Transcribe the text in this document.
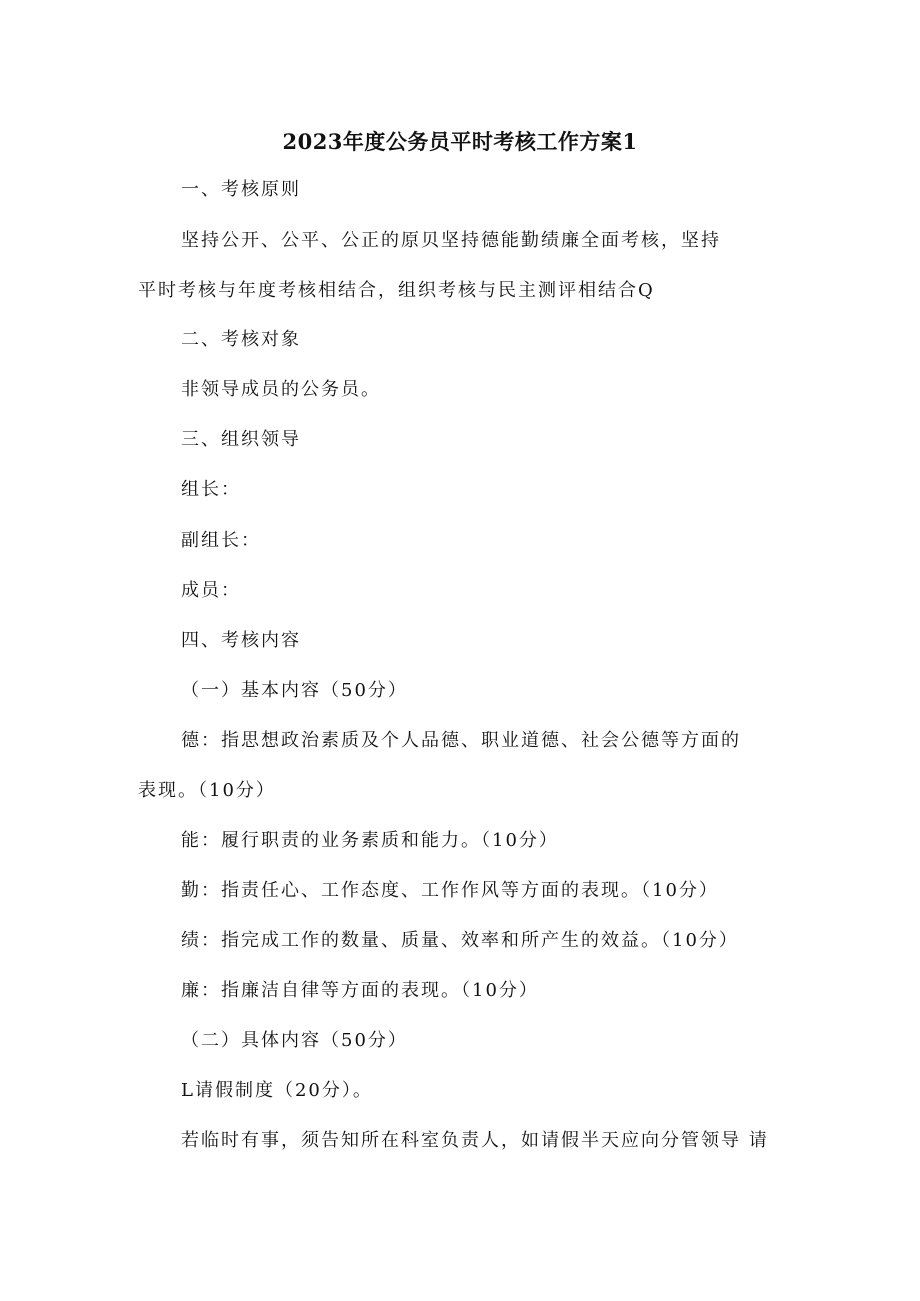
2023年度公务员平时考核工作方案1
一、考核原则
坚持公开、公平、公正的原贝坚持德能勤绩廉全面考核，坚持
平时考核与年度考核相结合，组织考核与民主测评相结合Q
二、考核对象
非领导成员的公务员。
三、组织领导
组长：
副组长：
成员：
四、考核内容
（一）基本内容（50分）
德：指思想政治素质及个人品德、职业道德、社会公德等方面的
表现。（10分）
能：履行职责的业务素质和能力。（10分）
勤：指责任心、工作态度、工作作风等方面的表现。（10分）
绩：指完成工作的数量、质量、效率和所产生的效益。（10分）
廉：指廉洁自律等方面的表现。（10分）
（二）具体内容（50分）
L请假制度（20分）。
若临时有事，须告知所在科室负责人，如请假半天应向分管领导 请
